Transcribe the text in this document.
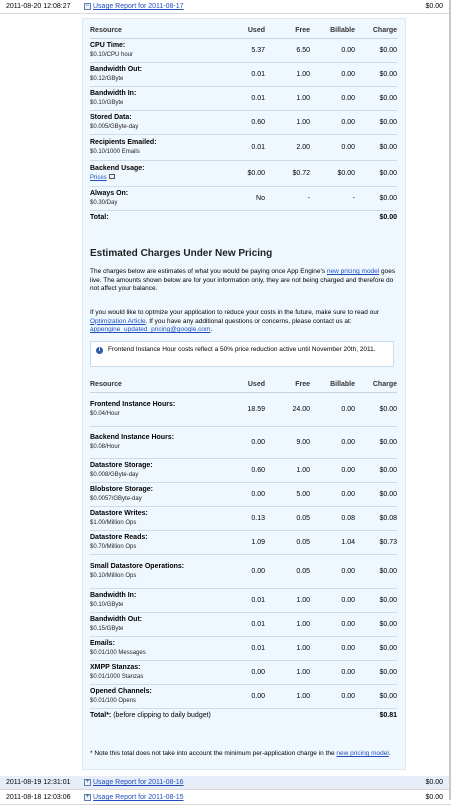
2011-08-20 12:08:27	− Usage Report for 2011-08-17	$0.00
Resource	Used	Free	Billable	Charge

CPU Time:
$0.10/CPU hour	5.37	6.50	0.00	$0.00

Bandwidth Out:
$0.12/GByte	0.01	1.00	0.00	$0.00

Bandwidth In:
$0.10/GByte	0.01	1.00	0.00	$0.00

Stored Data:
$0.005/GByte-day	0.60	1.00	0.00	$0.00

Recipients Emailed:
$0.10/1000 Emails	0.01	2.00	0.00	$0.00

Backend Usage:
Prices	$0.00	$0.72	$0.00	$0.00

Always On:
$0.30/Day	No	-	-	$0.00
Total:				$0.00
Estimated Charges Under New Pricing
The charges below are estimates of what you would be paying once App Engine's new pricing model goes live. The amounts shown below are for your information only, they are not being charged and therefore do not affect your balance.
If you would like to optmize your application to reduce your costs in the future, make sure to read our Optimization Article. If you have any additional questions or concerns, please contact us at: appengine_updated_pricing@google.com.
i	Frontend Instance Hour costs reflect a 50% price reduction active until November 20th, 2011.
Resource	Used	Free	Billable	Charge

Frontend Instance Hours:
$0.04/Hour	18.59	24.00	0.00	$0.00

Backend Instance Hours:
$0.08/Hour	0.00	9.00	0.00	$0.00

Datastore Storage:
$0.008/GByte-day	0.60	1.00	0.00	$0.00

Blobstore Storage:
$0.0057/GByte-day	0.00	5.00	0.00	$0.00

Datastore Writes:
$1.00/Million Ops	0.13	0.05	0.08	$0.08

Datastore Reads:
$0.70/Million Ops	1.09	0.05	1.04	$0.73

Small Datastore Operations:
$0.10/Million Ops	0.00	0.05	0.00	$0.00

Bandwidth In:
$0.10/GByte	0.01	1.00	0.00	$0.00

Bandwidth Out:
$0.15/GByte	0.01	1.00	0.00	$0.00

Emails:
$0.01/100 Messages	0.01	1.00	0.00	$0.00

XMPP Stanzas:
$0.01/1000 Stanzas	0.00	1.00	0.00	$0.00

Opened Channels:
$0.01/100 Opens	0.00	1.00	0.00	$0.00
Total*: (before clipping to daily budget)				$0.81
* Note this total does not take into account the minimum per-application charge in the new pricing model.
2011-08-19 12:31:01	+ Usage Report for 2011-08-16	$0.00
2011-08-18 12:03:06	+ Usage Report for 2011-08-15	$0.00
